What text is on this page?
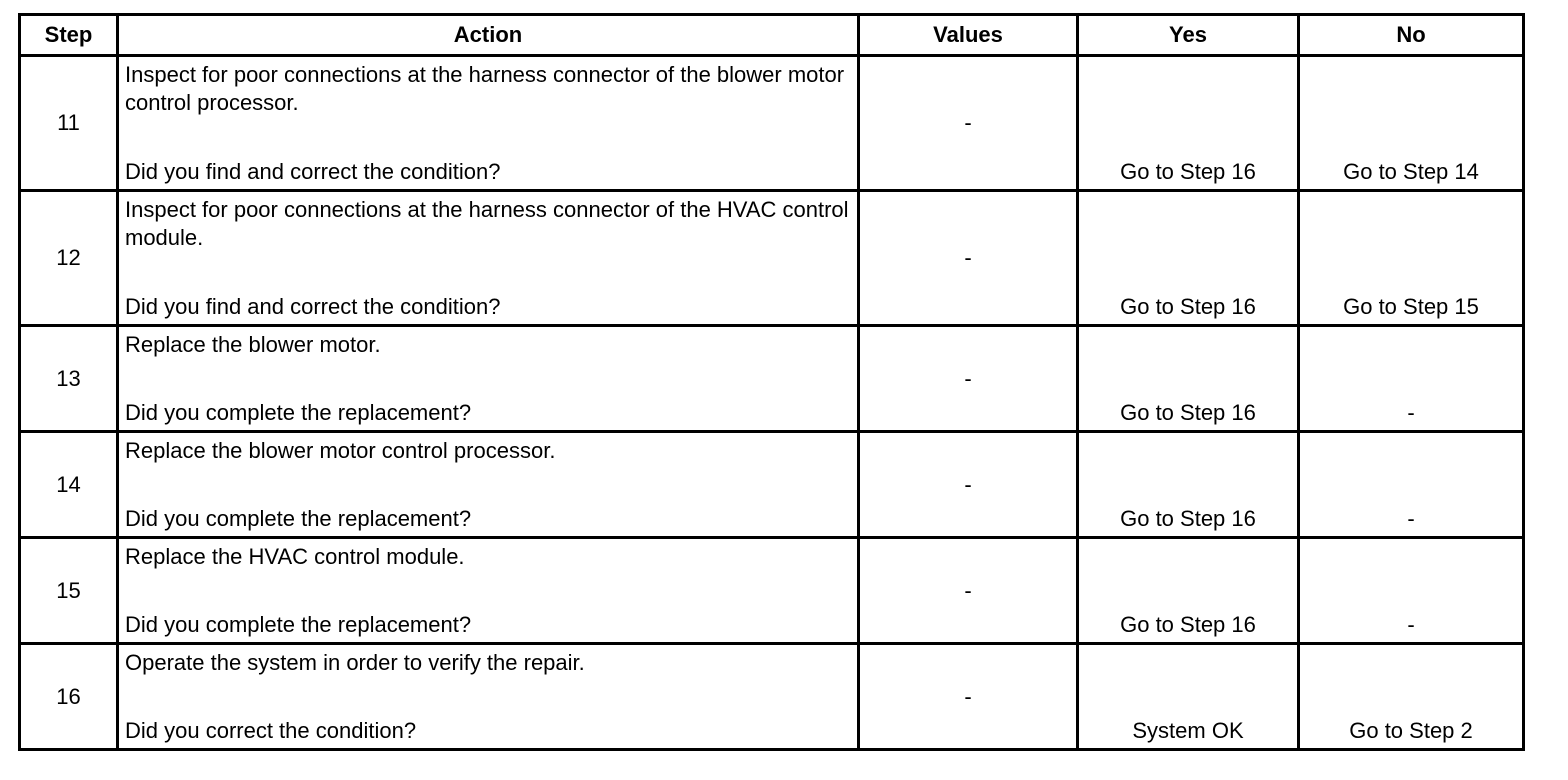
Step	Action	Values	Yes	No
11	Inspect for poor connections at the harness connector of the blower motor control processor.
Did you find and correct the condition?	-	Go to Step 16	Go to Step 14

12	Inspect for poor connections at the harness connector of the HVAC control module.
Did you find and correct the condition?	-	Go to Step 16	Go to Step 15

13	Replace the blower motor.
Did you complete the replacement?	-	Go to Step 16	-

14	Replace the blower motor control processor.
Did you complete the replacement?	-	Go to Step 16	-

15	Replace the HVAC control module.
Did you complete the replacement?	-	Go to Step 16	-

16	Operate the system in order to verify the repair.
Did you correct the condition?	-	System OK	Go to Step 2
